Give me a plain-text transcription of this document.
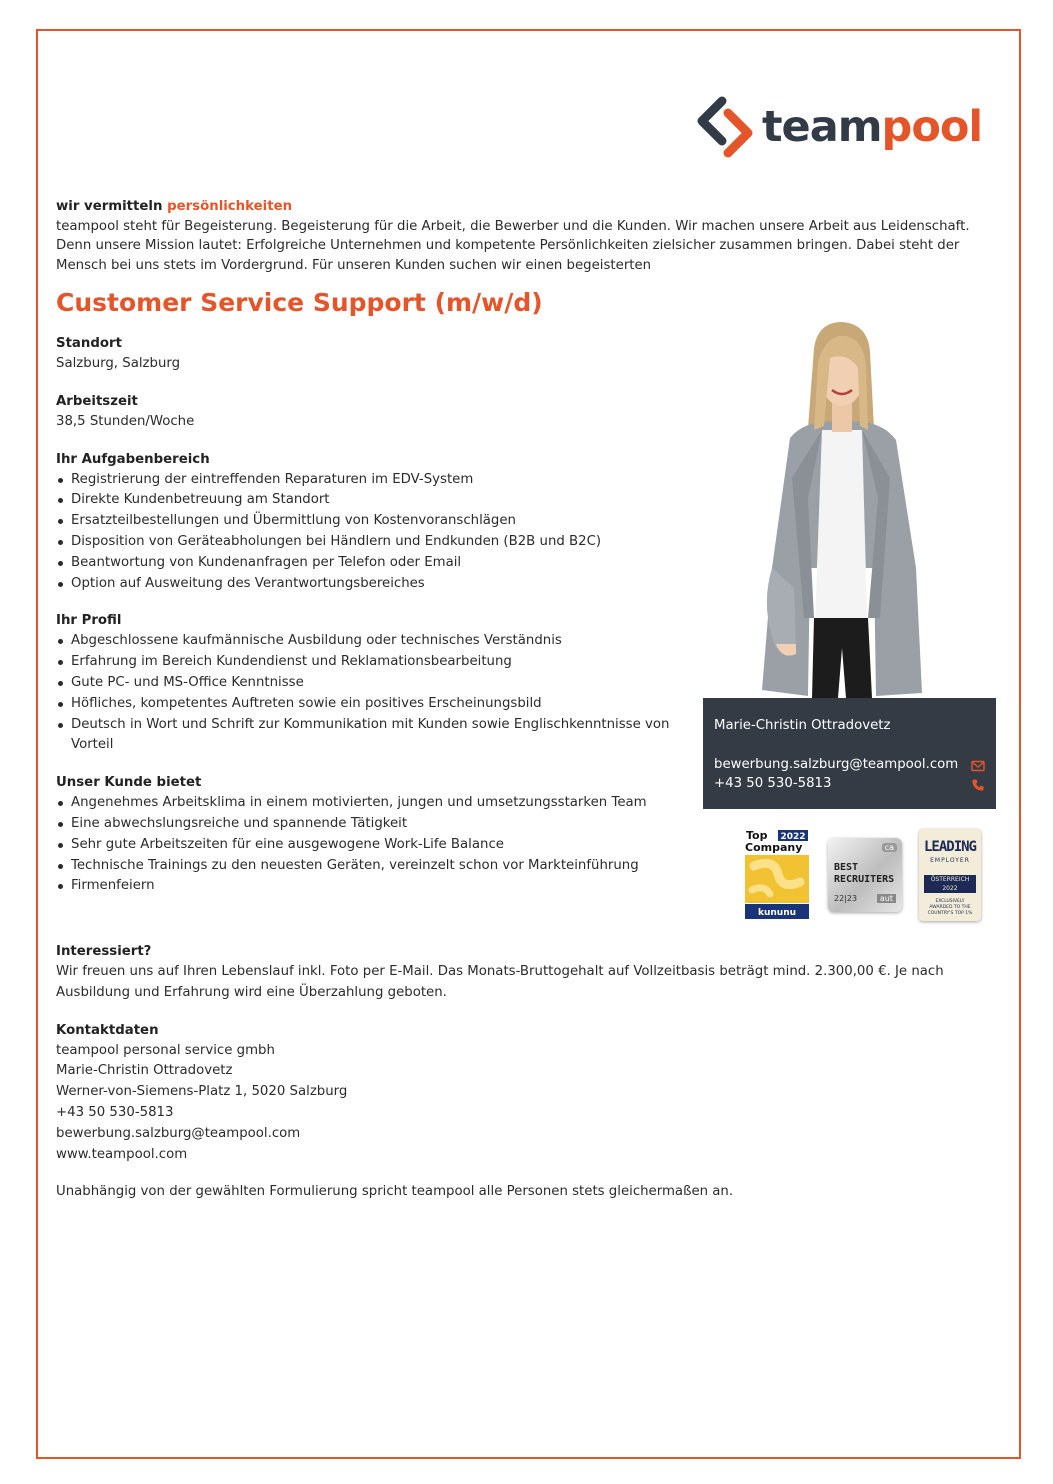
teampool
wir vermitteln persönlichkeiten
teampool steht für Begeisterung. Begeisterung für die Arbeit, die Bewerber und die Kunden. Wir machen unsere Arbeit aus Leidenschaft. Denn unsere Mission lautet: Erfolgreiche Unternehmen und kompetente Persönlichkeiten zielsicher zusammen bringen. Dabei steht der Mensch bei uns stets im Vordergrund. Für unseren Kunden suchen wir einen begeisterten
Customer Service Support (m/w/d)
Standort
Salzburg, Salzburg
Arbeitszeit
38,5 Stunden/Woche
Ihr Aufgabenbereich
Registrierung der eintreffenden Reparaturen im EDV-System
Direkte Kundenbetreuung am Standort
Ersatzteilbestellungen und Übermittlung von Kostenvoranschlägen
Disposition von Geräteabholungen bei Händlern und Endkunden (B2B und B2C)
Beantwortung von Kundenanfragen per Telefon oder Email
Option auf Ausweitung des Verantwortungsbereiches
Ihr Profil
Abgeschlossene kaufmännische Ausbildung oder technisches Verständnis
Erfahrung im Bereich Kundendienst und Reklamationsbearbeitung
Gute PC- und MS-Office Kenntnisse
Höfliches, kompetentes Auftreten sowie ein positives Erscheinungsbild
Deutsch in Wort und Schrift zur Kommunikation mit Kunden sowie Englischkenntnisse von Vorteil
Unser Kunde bietet
Angenehmes Arbeitsklima in einem motivierten, jungen und umsetzungsstarken Team
Eine abwechslungsreiche und spannende Tätigkeit
Sehr gute Arbeitszeiten für eine ausgewogene Work-Life Balance
Technische Trainings zu den neuesten Geräten, vereinzelt schon vor Markteinführung
Firmenfeiern
Marie-Christin Ottradovetz
bewerbung.salzburg@teampool.com
+43 50 530-5813
Top 2022
Company
kununu
ca
BEST
RECRUITERS
22|23	aut
LEADING
EMPLOYER
ÖSTERREICH
2022
EXCLUSIVELY AWARDED TO THE COUNTRY'S TOP 1%
Interessiert?
Wir freuen uns auf Ihren Lebenslauf inkl. Foto per E-Mail. Das Monats-Bruttogehalt auf Vollzeitbasis beträgt mind. 2.300,00 €. Je nach Ausbildung und Erfahrung wird eine Überzahlung geboten.
Kontaktdaten
teampool personal service gmbh
Marie-Christin Ottradovetz
Werner-von-Siemens-Platz 1, 5020 Salzburg
+43 50 530-5813
bewerbung.salzburg@teampool.com
www.teampool.com
Unabhängig von der gewählten Formulierung spricht teampool alle Personen stets gleichermaßen an.
